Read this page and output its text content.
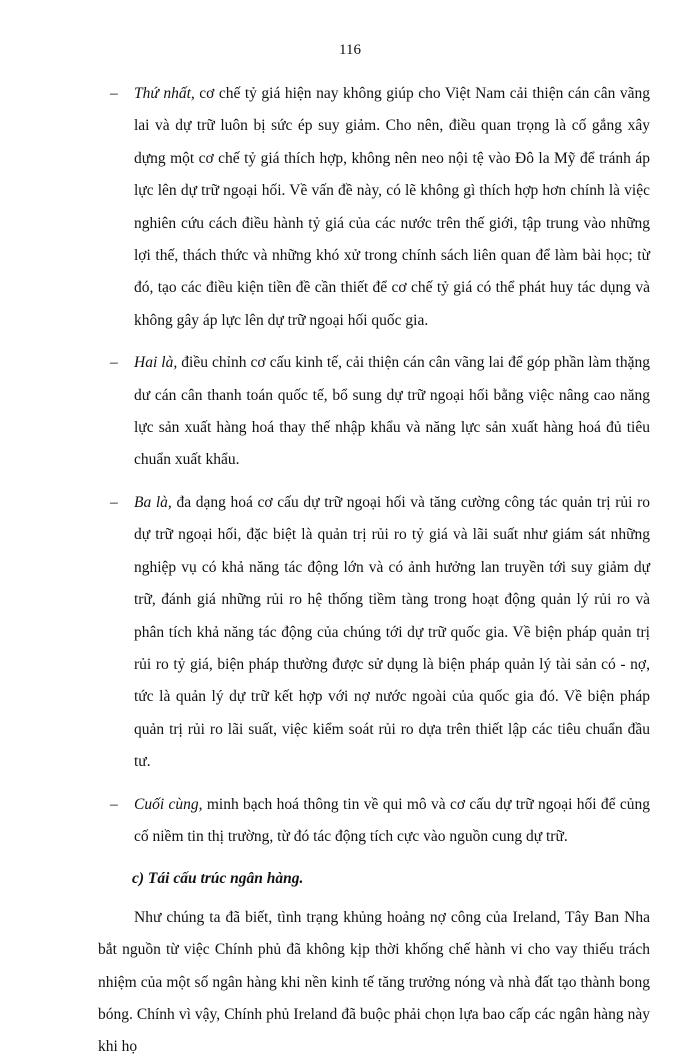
116
– Thứ nhất, cơ chế tỷ giá hiện nay không giúp cho Việt Nam cải thiện cán cân vãng lai và dự trữ luôn bị sức ép suy giảm. Cho nên, điều quan trọng là cố gắng xây dựng một cơ chế tỷ giá thích hợp, không nên neo nội tệ vào Đô la Mỹ để tránh áp lực lên dự trữ ngoại hối. Về vấn đề này, có lẽ không gì thích hợp hơn chính là việc nghiên cứu cách điều hành tỷ giá của các nước trên thế giới, tập trung vào những lợi thế, thách thức và những khó xử trong chính sách liên quan để làm bài học; từ đó, tạo các điều kiện tiền đề cần thiết để cơ chế tỷ giá có thể phát huy tác dụng và không gây áp lực lên dự trữ ngoại hối quốc gia.
– Hai là, điều chỉnh cơ cấu kinh tế, cải thiện cán cân vãng lai để góp phần làm thặng dư cán cân thanh toán quốc tế, bổ sung dự trữ ngoại hối bằng việc nâng cao năng lực sản xuất hàng hoá thay thế nhập khẩu và năng lực sản xuất hàng hoá đủ tiêu chuẩn xuất khẩu.
– Ba là, đa dạng hoá cơ cấu dự trữ ngoại hối và tăng cường công tác quản trị rủi ro dự trữ ngoại hối, đặc biệt là quản trị rủi ro tỷ giá và lãi suất như giám sát những nghiệp vụ có khả năng tác động lớn và có ảnh hưởng lan truyền tới suy giảm dự trữ, đánh giá những rủi ro hệ thống tiềm tàng trong hoạt động quản lý rủi ro và phân tích khả năng tác động của chúng tới dự trữ quốc gia. Về biện pháp quản trị rủi ro tỷ giá, biện pháp thường được sử dụng là biện pháp quản lý tài sản có - nợ, tức là quản lý dự trữ kết hợp với nợ nước ngoài của quốc gia đó. Về biện pháp quản trị rủi ro lãi suất, việc kiểm soát rủi ro dựa trên thiết lập các tiêu chuẩn đầu tư.
– Cuối cùng, minh bạch hoá thông tin về qui mô và cơ cấu dự trữ ngoại hối để củng cố niềm tin thị trường, từ đó tác động tích cực vào nguồn cung dự trữ.
c) Tái cấu trúc ngân hàng.
Như chúng ta đã biết, tình trạng khủng hoảng nợ công của Ireland, Tây Ban Nha bắt nguồn từ việc Chính phủ đã không kịp thời khống chế hành vi cho vay thiếu trách nhiệm của một số ngân hàng khi nền kinh tế tăng trưởng nóng và nhà đất tạo thành bong bóng. Chính vì vậy, Chính phủ Ireland đã buộc phải chọn lựa bao cấp các ngân hàng này khi họ
